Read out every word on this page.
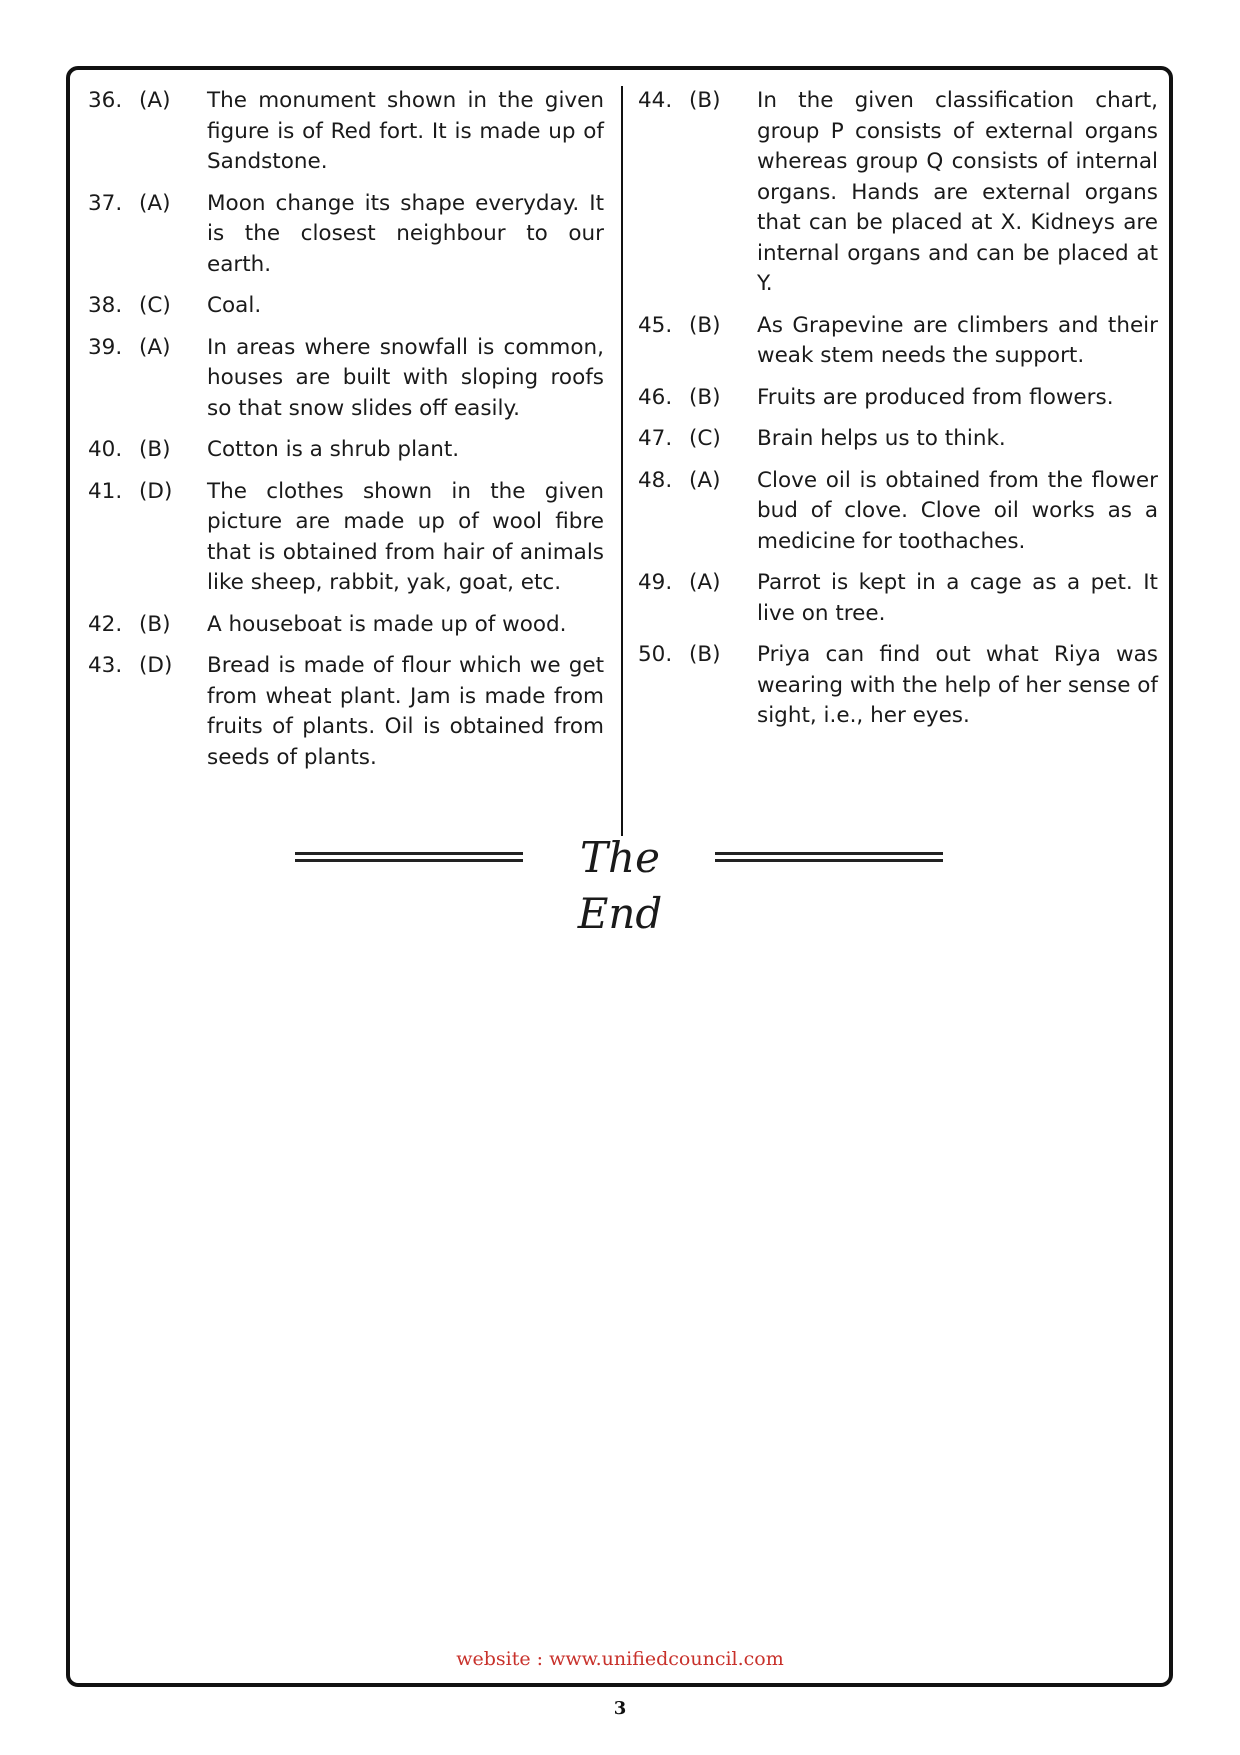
36. (A)	The monument shown in the given figure is of Red fort. It is made up of Sandstone.
37. (A)	Moon change its shape everyday. It is the closest neighbour to our earth.
38. (C)	Coal.
39. (A)	In areas where snowfall is common, houses are built with sloping roofs so that snow slides off easily.
40. (B)	Cotton is a shrub plant.
41. (D)	The clothes shown in the given picture are made up of wool fibre that is obtained from hair of animals like sheep, rabbit, yak, goat, etc.
42. (B)	A houseboat is made up of wood.
43. (D)	Bread is made of flour which we get from wheat plant. Jam is made from fruits of plants. Oil is obtained from seeds of plants.
44. (B)	In the given classification chart, group P consists of external organs whereas group Q consists of internal organs. Hands are external organs that can be placed at X. Kidneys are internal organs and can be placed at Y.
45. (B)	As Grapevine are climbers and their weak stem needs the support.
46. (B)	Fruits are produced from flowers.
47. (C)	Brain helps us to think.
48. (A)	Clove oil is obtained from the flower bud of clove. Clove oil works as a medicine for toothaches.
49. (A)	Parrot is kept in a cage as a pet. It live on tree.
50. (B)	Priya can find out what Riya was wearing with the help of her sense of sight, i.e., her eyes.
The End
website : www.unifiedcouncil.com
3
